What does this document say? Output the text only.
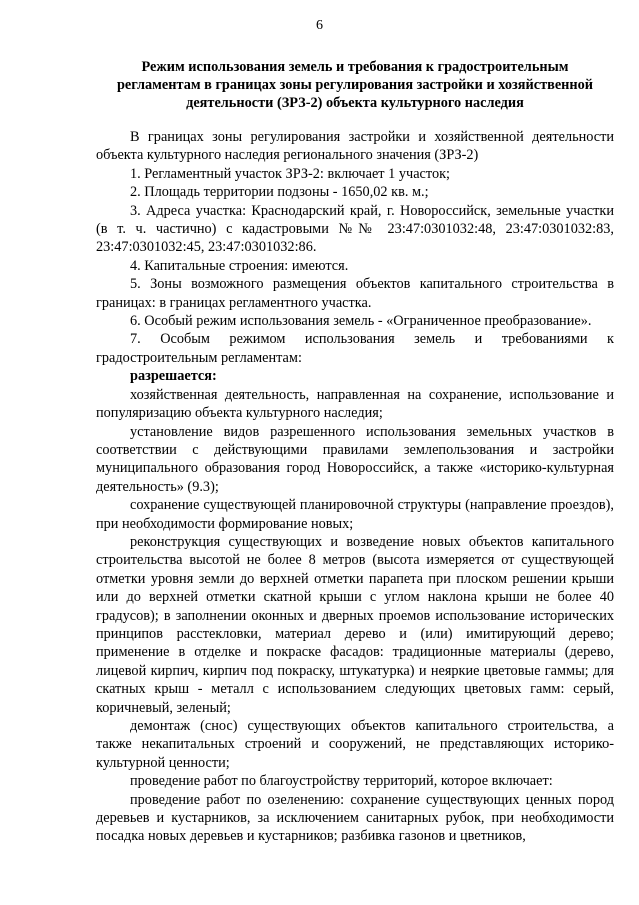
6
Режим использования земель и требования к градостроительным регламентам в границах зоны регулирования застройки и хозяйственной деятельности (ЗРЗ-2) объекта культурного наследия

В границах зоны регулирования застройки и хозяйственной деятельности объекта культурного наследия регионального значения (ЗРЗ-2)

1. Регламентный участок ЗРЗ-2: включает 1 участок;

2. Площадь территории подзоны - 1650,02 кв. м.;

3. Адреса участка: Краснодарский край, г. Новороссийск, земельные участки (в т. ч. частично) с кадастровыми №№ 23:47:0301032:48, 23:47:0301032:83, 23:47:0301032:45, 23:47:0301032:86.

4. Капитальные строения: имеются.

5. Зоны возможного размещения объектов капитального строительства в границах: в границах регламентного участка.

6. Особый режим использования земель - «Ограниченное преобразование».

7. Особым режимом использования земель и требованиями к градостроительным регламентам:

разрешается:

хозяйственная деятельность, направленная на сохранение, использование и популяризацию объекта культурного наследия;

установление видов разрешенного использования земельных участков в соответствии с действующими правилами землепользования и застройки муниципального образования город Новороссийск, а также «историко-культурная деятельность» (9.3);

сохранение существующей планировочной структуры (направление проездов), при необходимости формирование новых;

реконструкция существующих и возведение новых объектов капитального строительства высотой не более 8 метров (высота измеряется от существующей отметки уровня земли до верхней отметки парапета при плоском решении крыши или до верхней отметки скатной крыши с углом наклона крыши не более 40 градусов); в заполнении оконных и дверных проемов использование исторических принципов расстекловки, материал дерево и (или) имитирующий дерево; применение в отделке и покраске фасадов: традиционные материалы (дерево, лицевой кирпич, кирпич под покраску, штукатурка) и неяркие цветовые гаммы; для скатных крыш - металл с использованием следующих цветовых гамм: серый, коричневый, зеленый;

демонтаж (снос) существующих объектов капитального строительства, а также некапитальных строений и сооружений, не представляющих историко-культурной ценности;

проведение работ по благоустройству территорий, которое включает:

проведение работ по озеленению: сохранение существующих ценных пород деревьев и кустарников, за исключением санитарных рубок, при необходимости посадка новых деревьев и кустарников; разбивка газонов и цветников,
